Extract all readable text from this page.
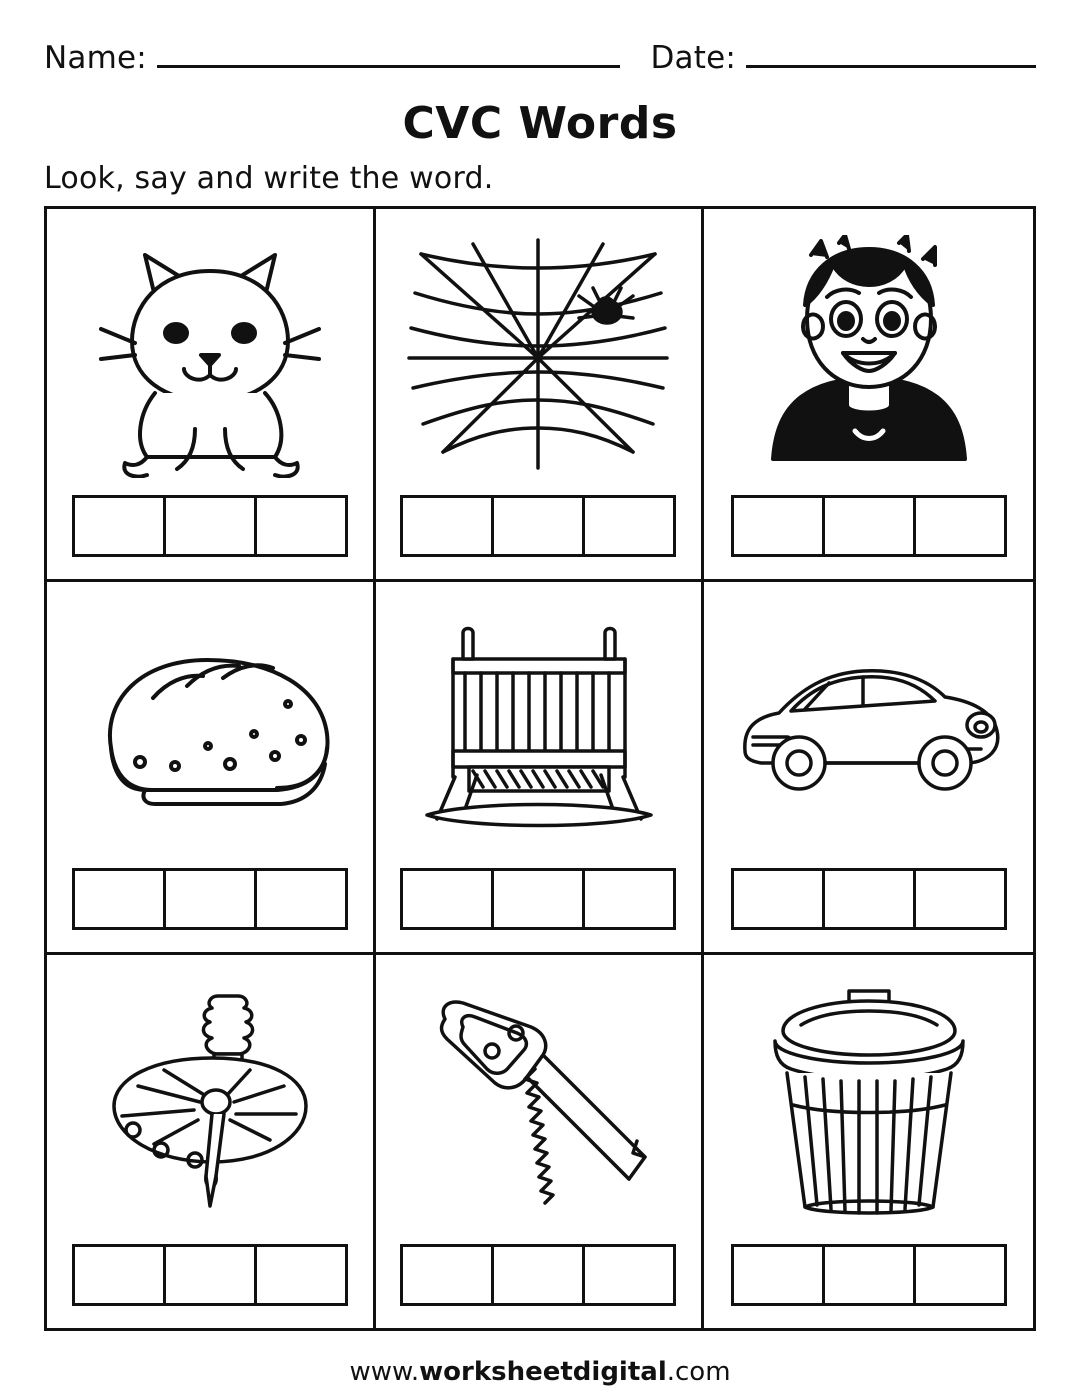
Name:	Date:
CVC Words
Look, say and write the word.
www.worksheetdigital.com
